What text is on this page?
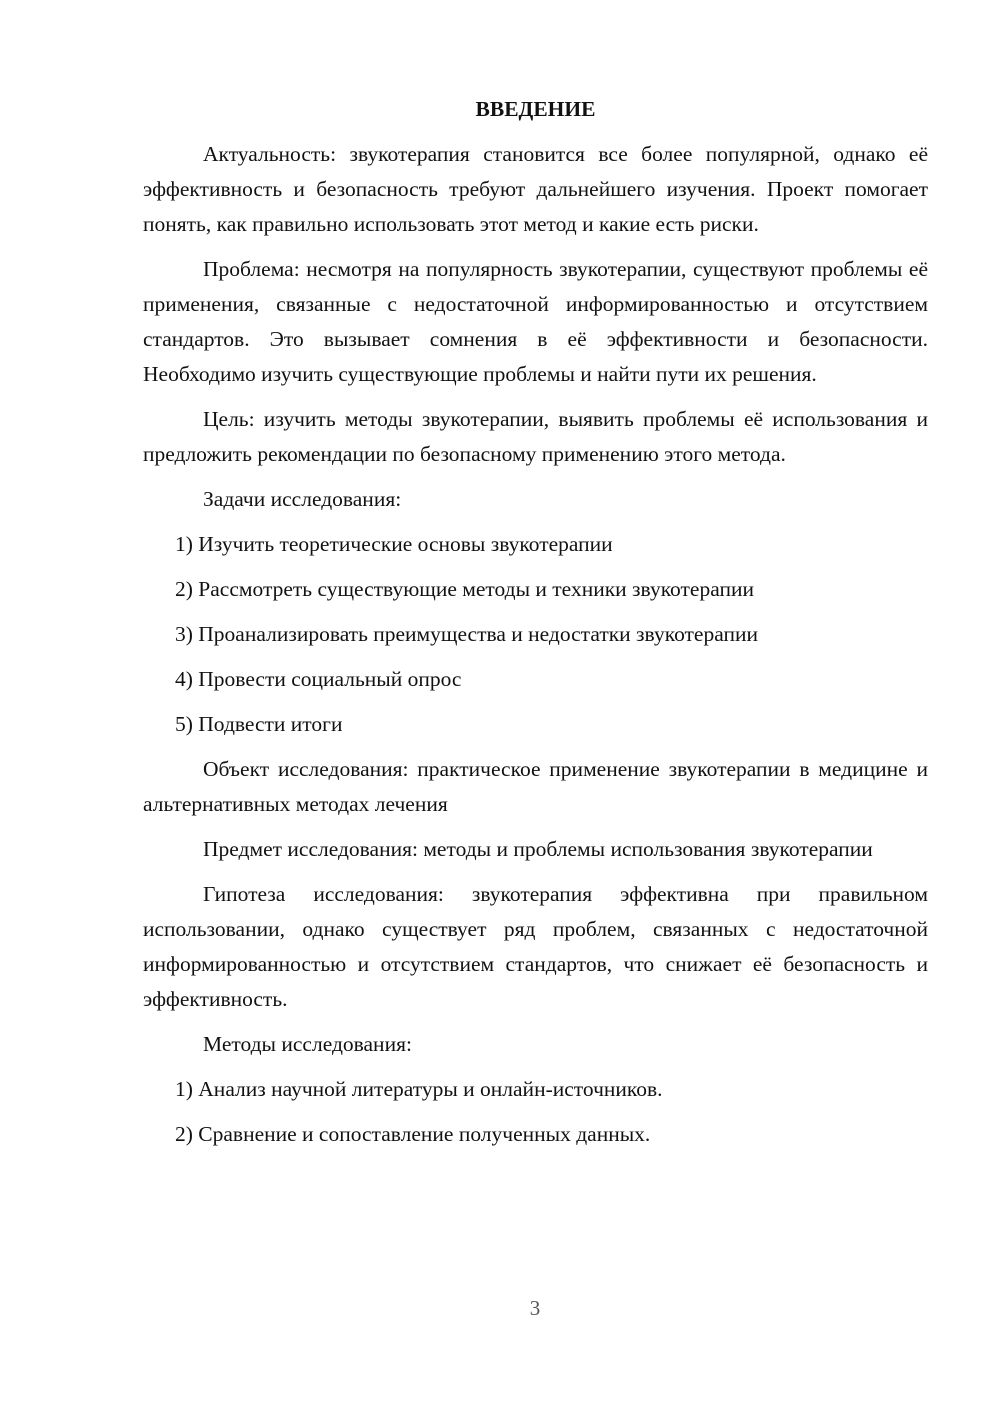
ВВЕДЕНИЕ

Актуальность: звукотерапия становится все более популярной, однако её эффективность и безопасность требуют дальнейшего изучения. Проект помогает понять, как правильно использовать этот метод и какие есть риски.

Проблема: несмотря на популярность звукотерапии, существуют проблемы её применения, связанные с недостаточной информированностью и отсутствием стандартов. Это вызывает сомнения в её эффективности и безопасности. Необходимо изучить существующие проблемы и найти пути их решения.

Цель: изучить методы звукотерапии, выявить проблемы её использования и предложить рекомендации по безопасному применению этого метода.

Задачи исследования:

1) Изучить теоретические основы звукотерапии
2) Рассмотреть существующие методы и техники звукотерапии
3) Проанализировать преимущества и недостатки звукотерапии
4) Провести социальный опрос
5) Подвести итоги

Объект исследования: практическое применение звукотерапии в медицине и альтернативных методах лечения

Предмет исследования: методы и проблемы использования звукотерапии

Гипотеза исследования: звукотерапия эффективна при правильном использовании, однако существует ряд проблем, связанных с недостаточной информированностью и отсутствием стандартов, что снижает её безопасность и эффективность.

Методы исследования:

1) Анализ научной литературы и онлайн-источников.
2) Сравнение и сопоставление полученных данных.
3
